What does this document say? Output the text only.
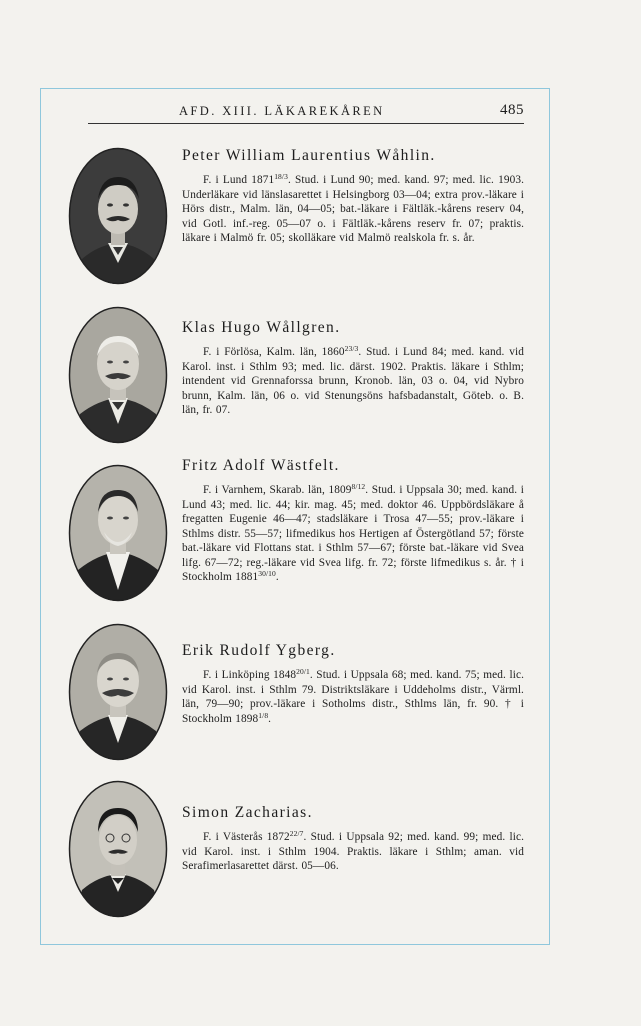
AFD. XIII. LÄKAREKÅREN	485
Peter William Laurentius Wåhlin.
F. i Lund $1871^{18/3}$. Stud. i Lund 90; med. kand. 97; med. lic. 1903. Underläkare vid länslasarettet i Helsingborg 03—04; extra prov.-läkare i Hörs distr., Malm. län, 04—05; bat.-läkare i Fältläk.-kårens reserv 04, vid Gotl. inf.-reg. 05—07 o. i Fältläk.-kårens reserv fr. 07; praktis. läkare i Malmö fr. 05; skolläkare vid Malmö realskola fr. s. år.
Klas Hugo Wållgren.
F. i Förlösa, Kalm. län, $1860^{23/3}$. Stud. i Lund 84; med. kand. vid Karol. inst. i Sthlm 93; med. lic. därst. 1902. Praktis. läkare i Sthlm; intendent vid Grennaforssa brunn, Kronob. län, 03 o. 04, vid Nybro brunn, Kalm. län, 06 o. vid Stenungsöns hafsbadanstalt, Göteb. o. B. län, fr. 07.
Fritz Adolf Wästfelt.
F. i Varnhem, Skarab. län, $1809^{8/12}$. Stud. i Uppsala 30; med. kand. i Lund 43; med. lic. 44; kir. mag. 45; med. doktor 46. Uppbördsläkare å fregatten Eugenie 46—47; stadsläkare i Trosa 47—55; prov.-läkare i Sthlms distr. 55—57; lifmedikus hos Hertigen af Östergötland 57; förste bat.-läkare vid Flottans stat. i Sthlm 57—67; förste bat.-läkare vid Svea lifg. 67—72; reg.-läkare vid Svea lifg. fr. 72; förste lifmedikus s. år. † i Stockholm $1881^{30/10}$.
Erik Rudolf Ygberg.
F. i Linköping $1848^{20/1}$. Stud. i Uppsala 68; med. kand. 75; med. lic. vid Karol. inst. i Sthlm 79. Distriktsläkare i Uddeholms distr., Värml. län, 79—90; prov.-läkare i Sotholms distr., Sthlms län, fr. 90. † i Stockholm $1898^{1/8}$.
Simon Zacharias.
F. i Västerås $1872^{22/7}$. Stud. i Uppsala 92; med. kand. 99; med. lic. vid Karol. inst. i Sthlm 1904. Praktis. läkare i Sthlm; aman. vid Serafimerlasarettet därst. 05—06.
